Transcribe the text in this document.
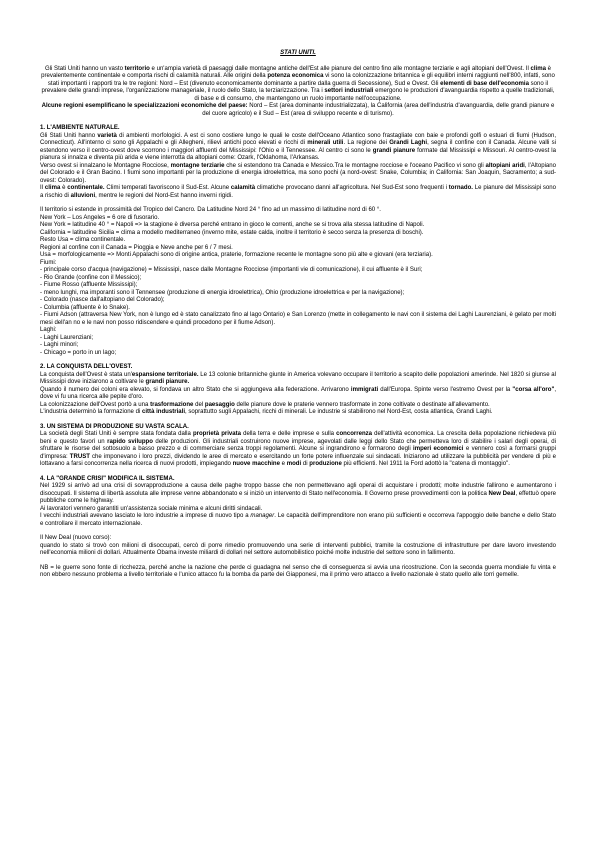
STATI UNITI.
Gli Stati Uniti hanno un vasto territorio e un'ampia varietà di paesaggi dalle montagne antiche dell'Est alle pianure del centro fino alle montagne terziarie e agli altopiani dell'Ovest. Il clima è prevalentemente continentale e comporta rischi di calamità naturali. Alle origini della potenza economica vi sono la colonizzazione britannica e gli equilibri interni raggiunti nell'800, infatti, sono stati importanti i rapporti tra le tre regioni: Nord – Est (divenuto economicamente dominante a partire dalla guerra di Secessione), Sud e Ovest. Gli elementi di base dell'economia sono il prevalere delle grandi imprese, l'organizzazione manageriale, il ruolo dello Stato, la terziarizzazione. Tra i settori industriali emergono le produzioni d'avanguardia rispetto a quelle tradizionali, di base e di consumo, che mantengono un ruolo importante nell'occupazione.
Alcune regioni esemplificano le specializzazioni economiche del paese: Nord – Est (area dominante industrializzata), la California (area dell'industria d'avanguardia, delle grandi pianure e del cuore agricolo) e il Sud – Est (area di sviluppo recente e di turismo).
1. L'AMBIENTE NATURALE.
Gli Stati Uniti hanno varietà di ambienti morfologici. A est ci sono costiere lungo le quali le coste dell'Oceano Atlantico sono frastagliate con baie e profondi golfi o estuari di fiumi (Hudson, Connecticut). All'interno ci sono gli Appalachi e gli Allegheni, rilievi antichi poco elevati e ricchi di minerali utili. La regione dei Grandi Laghi, segna il confine con il Canada. Alcune valli si estendono verso il centro-ovest dove scorrono i maggiori affluenti del Mississipi: l'Ohio e il Tennessee. Al centro ci sono le grandi pianure formate dal Mississipi e Missouri. Al centro-ovest la pianura si innalza e diventa più arida e viene interrotta da altopiani come: Ozark, l'Oklahoma, l'Arkansas.
Verso ovest si innalzano le Montagne Rocciose, montagne terziarie che si estendono tra Canada e Messico.Tra le montagne rocciose e l'oceano Pacifico vi sono gli altopiani aridi, l'Altopiano del Colorado e il Gran Bacino. I fiumi sono importanti per la produzione di energia idroelettrica, ma sono pochi (a nord-ovest: Snake, Columbia; in California: San Joaquin, Sacramento; a sud-ovest: Colorado).
Il clima è continentale. Climi temperati favoriscono il Sud-Est. Alcune calamità climatiche provocano danni all'agricoltura. Nel Sud-Est sono frequenti i tornado. Le pianure del Mississipi sono a rischio di alluvioni, mentre le regioni del Nord-Est hanno inverni rigidi.
Il territorio si estende in prossimità del Tropico del Cancro. Da Latitudine Nord 24 ° fino ad un massimo di latitudine nord di 60 °.
New York – Los Angeles = 6 ore di fusorario.
New York = latitudine 40 ° = Napoli => la stagione è diversa perché entrano in gioco le correnti, anche se si trova alla stessa latitudine di Napoli.
California = latitudine Sicilia = clima a modello mediterraneo (inverno mite, estate calda, inoltre il territorio è secco senza la presenza di boschi).
Resto Usa = clima continentale.
Regioni al confine con il Canada = Pioggia e Neve anche per 6 / 7 mesi.
Usa = morfologicamente => Monti Appalachi sono di origine antica, praterie, formazione recente le montagne sono più alte e giovani (era terziaria).
Fiumi:
- principale corso d'acqua (navigazione) = Mississipi, nasce dalle Montagne Rocciose (importanti vie di comunicazione), il cui affluente è il Suri;
- Rio Grande (confine con il Messico);
- Fiume Rosso (affluente Mississipi);
- meno lunghi, ma imporanti sono il Tennensee (produzione di energia idroelettrica), Ohio (produzione idroelettrica e per la navigazione);
- Colorado (nasce dall'altopiano del Colorado);
- Columbia (affluente è lo Snake).
- Fiumi Adson (attraversa New York, non è lungo ed è stato canalizzato fino al lago Ontario) e San Lorenzo (mette in collegamento le navi con il sistema dei Laghi Laurenziani, è gelato per molti mesi dell'an no e le navi non posso ridiscendere e quindi procedono per il fiume Adson).
Laghi:
- Laghi Laurenziani;
- Laghi minori;
- Chicago = porto in un lago;
2. LA CONQUISTA DELL'OVEST.
La conquista dell'Ovest è stata un'espansione territoriale. Le 13 colonie britanniche giunte in America volevano occupare il territorio a scapito delle popolazioni amerinde. Nel 1820 si giunse al Mississipi dove iniziarono a coltivare le grandi pianure.
Quando il numero dei coloni era elevato, si fondava un altro Stato che si aggiungeva alla federazione. Arrivarono immigrati dall'Europa. Spinte verso l'estremo Ovest per la "corsa all'oro", dove vi fu una ricerca alle pepite d'oro.
La colonizzazione dell'Ovest portò a una trasformazione del paesaggio delle pianure dove le praterie vennero trasformate in zone coltivate o destinate all'allevamento.
L'industria determinò la formazione di città industriali, soprattutto sugli Appalachi, ricchi di minerali. Le industrie si stabilirono nel Nord-Est, costa atlantica, Grandi Laghi.
3. UN SISTEMA DI PRODUZIONE SU VASTA SCALA.
La società degli Stati Uniti è sempre stata fondata dalla proprietà privata della terra e delle imprese e sulla concorrenza dell'attività economica. La crescita della popolazione richiedeva più beni e questo favorì un rapido sviluppo delle produzioni. Gli industriali costruirono nuove imprese, agevolati dalle leggi dello Stato che permetteva loro di stabilire i salari degli operai, di sfruttare le risorse del sottosuolo a basso prezzo e di commerciare senza troppi regolamenti. Alcune si ingrandirono e formarono degli imperi economici e vennero così a formarsi gruppi d'impresa: TRUST che imponevano i loro prezzi, dividendo le aree di mercato e esercitando un forte potere influenzale sui sindacati. Iniziarono ad utilizzare la pubblicità per vendere di più e lottavano a farsi concorrenza nella ricerca di nuovi prodotti, impiegando nuove macchine e modi di produzione più efficienti. Nel 1911 la Ford adottò la "catena di montaggio".
4. LA "GRANDE CRISI" MODIFICA IL SISTEMA.
Nel 1929 si arrivò ad una crisi di sovrapproduzione a causa delle paghe troppo basse che non permettevano agli operai di acquistare i prodotti; molte industrie fallirono e aumentarono i disoccupati. Il sistema di libertà assoluta alle imprese venne abbandonato e si iniziò un intervento di Stato nell'economia. Il Governo prese provvedimenti con la politica New Deal, effettuò opere pubbliche come le highway.
Ai lavoratori vennero garantiti un'assistenza sociale minima e alcuni diritti sindacali.
I vecchi industriali avevano lasciato le loro industrie a imprese di nuovo tipo a manager. Le capacità dell'imprenditore non erano più sufficienti e occorreva l'appoggio delle banche e dello Stato e controllare il mercato internazionale.
Il New Deal (nuovo corso):
quando lo stato si trovò con milioni di disoccupati, cercò di porre rimedio promuovendo una serie di interventi pubblici, tramite la costruzione di infrastrutture per dare lavoro investendo nell'economia milioni di dollari. Attualmente Obama investe miliardi di dollari nel settore automobilistico poiché molte industrie del settore sono in fallimento.
NB = le guerre sono fonte di ricchezza, perché anche la nazione che perde ci guadagna nel senso che di conseguenza si avvia una ricostruzione. Con la seconda guerra mondiale fu vinta e non ebbero nessuno problema a livello territoriale e l'unico attacco fu la bomba da parte dei Giapponesi, ma il primo vero attacco a livello nazionale è stato quello alle torri gemelle.
